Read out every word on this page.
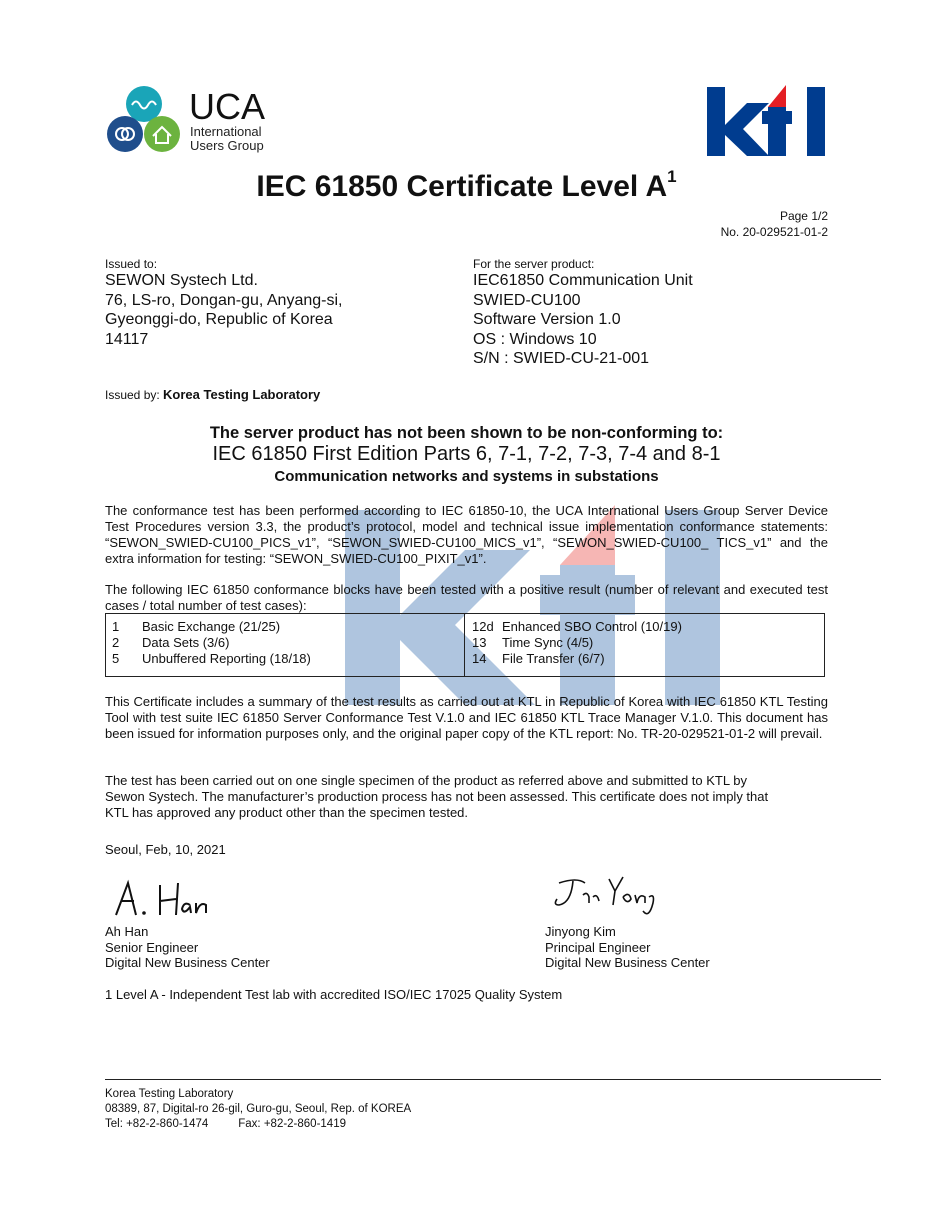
UCA
International
Users Group
IEC 61850 Certificate Level $A^1$
Page 1/2
No. 20-029521-01-2
Issued to:
SEWON Systech Ltd.
76, LS-ro, Dongan-gu, Anyang-si,
Gyeonggi-do, Republic of Korea
14117
For the server product:
IEC61850 Communication Unit
SWIED-CU100
Software Version 1.0
OS : Windows 10
S/N : SWIED-CU-21-001
Issued by: Korea Testing Laboratory
The server product has not been shown to be non-conforming to:
IEC 61850 First Edition Parts 6, 7-1, 7-2, 7-3, 7-4 and 8-1
Communication networks and systems in substations
The conformance test has been performed according to IEC 61850-10, the UCA International Users Group Server Device Test Procedures version 3.3, the product’s protocol, model and technical issue implementation conformance statements: “SEWON_SWIED-CU100_PICS_v1”, “SEWON_SWIED-CU100_MICS_v1”, “SEWON_SWIED-CU100_ TICS_v1” and the extra information for testing: “SEWON_SWIED-CU100_PIXIT_v1”.
The following IEC 61850 conformance blocks have been tested with a positive result (number of relevant and executed test cases / total number of test cases):
1	Basic Exchange (21/25)
2	Data Sets (3/6)
5	Unbuffered Reporting (18/18)
12d Enhanced SBO Control (10/19)
13	Time Sync (4/5)
14	File Transfer (6/7)
This Certificate includes a summary of the test results as carried out at KTL in Republic of Korea with IEC 61850 KTL Testing Tool with test suite IEC 61850 Server Conformance Test V.1.0 and IEC 61850 KTL Trace Manager V.1.0. This document has been issued for information purposes only, and the original paper copy of the KTL report: No. TR-20-029521-01-2 will prevail.
The test has been carried out on one single specimen of the product as referred above and submitted to KTL by
Sewon Systech. The manufacturer’s production process has not been assessed. This certificate does not imply that
KTL has approved any product other than the specimen tested.
Seoul, Feb, 10, 2021
Ah Han
Senior Engineer
Digital New Business Center
Jinyong Kim
Principal Engineer
Digital New Business Center
1 Level A - Independent Test lab with accredited ISO/IEC 17025 Quality System
Korea Testing Laboratory
08389, 87, Digital-ro 26-gil, Guro-gu, Seoul, Rep. of KOREA
Tel: +82-2-860-1474	Fax: +82-2-860-1419
